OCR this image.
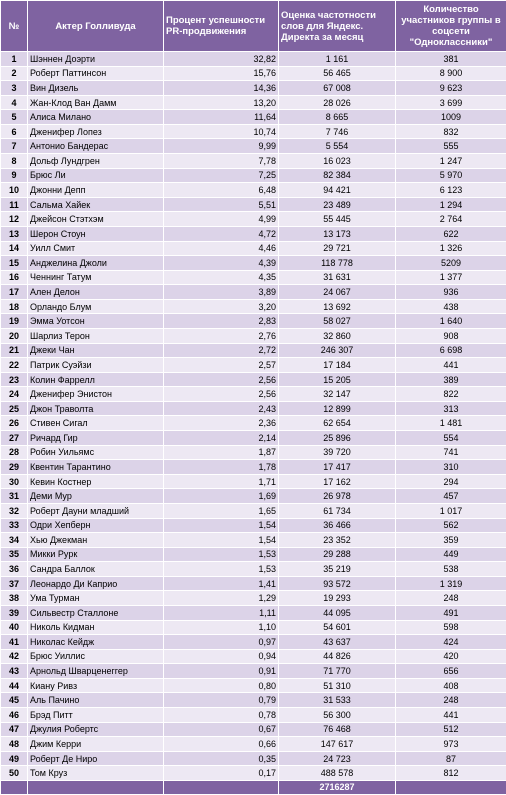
№	Актер Голливуда	Процент успешности PR-продвижения	Оценка частотности слов для Яндекс. Директа за месяц	Количество участников группы в соцсети "Одноклассники"
1	Шэннен Доэрти	32,82	1 161	381
2	Роберт Паттинсон	15,76	56 465	8 900
3	Вин Дизель	14,36	67 008	9 623
4	Жан-Клод Ван Дамм	13,20	28 026	3 699
5	Алиса Милано	11,64	8 665	1009
6	Дженифер Лопез	10,74	7 746	832
7	Антонио Бандерас	9,99	5 554	555
8	Дольф Лундгрен	7,78	16 023	1 247
9	Брюс Ли	7,25	82 384	5 970
10	Джонни Депп	6,48	94 421	6 123
11	Сальма Хайек	5,51	23 489	1 294
12	Джейсон Стэтхэм	4,99	55 445	2 764
13	Шерон Стоун	4,72	13 173	622
14	Уилл Смит	4,46	29 721	1 326
15	Анджелина Джоли	4,39	118 778	5209
16	Ченнинг Татум	4,35	31 631	1 377
17	Ален Делон	3,89	24 067	936
18	Орландо Блум	3,20	13 692	438
19	Эмма Уотсон	2,83	58 027	1 640
20	Шарлиз Терон	2,76	32 860	908
21	Джеки Чан	2,72	246 307	6 698
22	Патрик Суэйзи	2,57	17 184	441
23	Колин Фаррелл	2,56	15 205	389
24	Дженифер Энистон	2,56	32 147	822
25	Джон Траволта	2,43	12 899	313
26	Стивен Сигал	2,36	62 654	1 481
27	Ричард Гир	2,14	25 896	554
28	Робин Уильямс	1,87	39 720	741
29	Квентин Тарантино	1,78	17 417	310
30	Кевин Костнер	1,71	17 162	294
31	Деми Мур	1,69	26 978	457
32	Роберт Дауни младший	1,65	61 734	1 017
33	Одри Хепберн	1,54	36 466	562
34	Хью Джекман	1,54	23 352	359
35	Микки Рурк	1,53	29 288	449
36	Сандра Баллок	1,53	35 219	538
37	Леонардо Ди Каприо	1,41	93 572	1 319
38	Ума Турман	1,29	19 293	248
39	Сильвестр Сталлоне	1,11	44 095	491
40	Николь Кидман	1,10	54 601	598
41	Николас Кейдж	0,97	43 637	424
42	Брюс Уиллис	0,94	44 826	420
43	Арнольд Шварценеггер	0,91	71 770	656
44	Киану Ривз	0,80	51 310	408
45	Аль Пачино	0,79	31 533	248
46	Брэд Питт	0,78	56 300	441
47	Джулия Робертс	0,67	76 468	512
48	Джим Керри	0,66	147 617	973
49	Роберт Де Ниро	0,35	24 723	87
50	Том Круз	0,17	488 578	812
			2716287	
